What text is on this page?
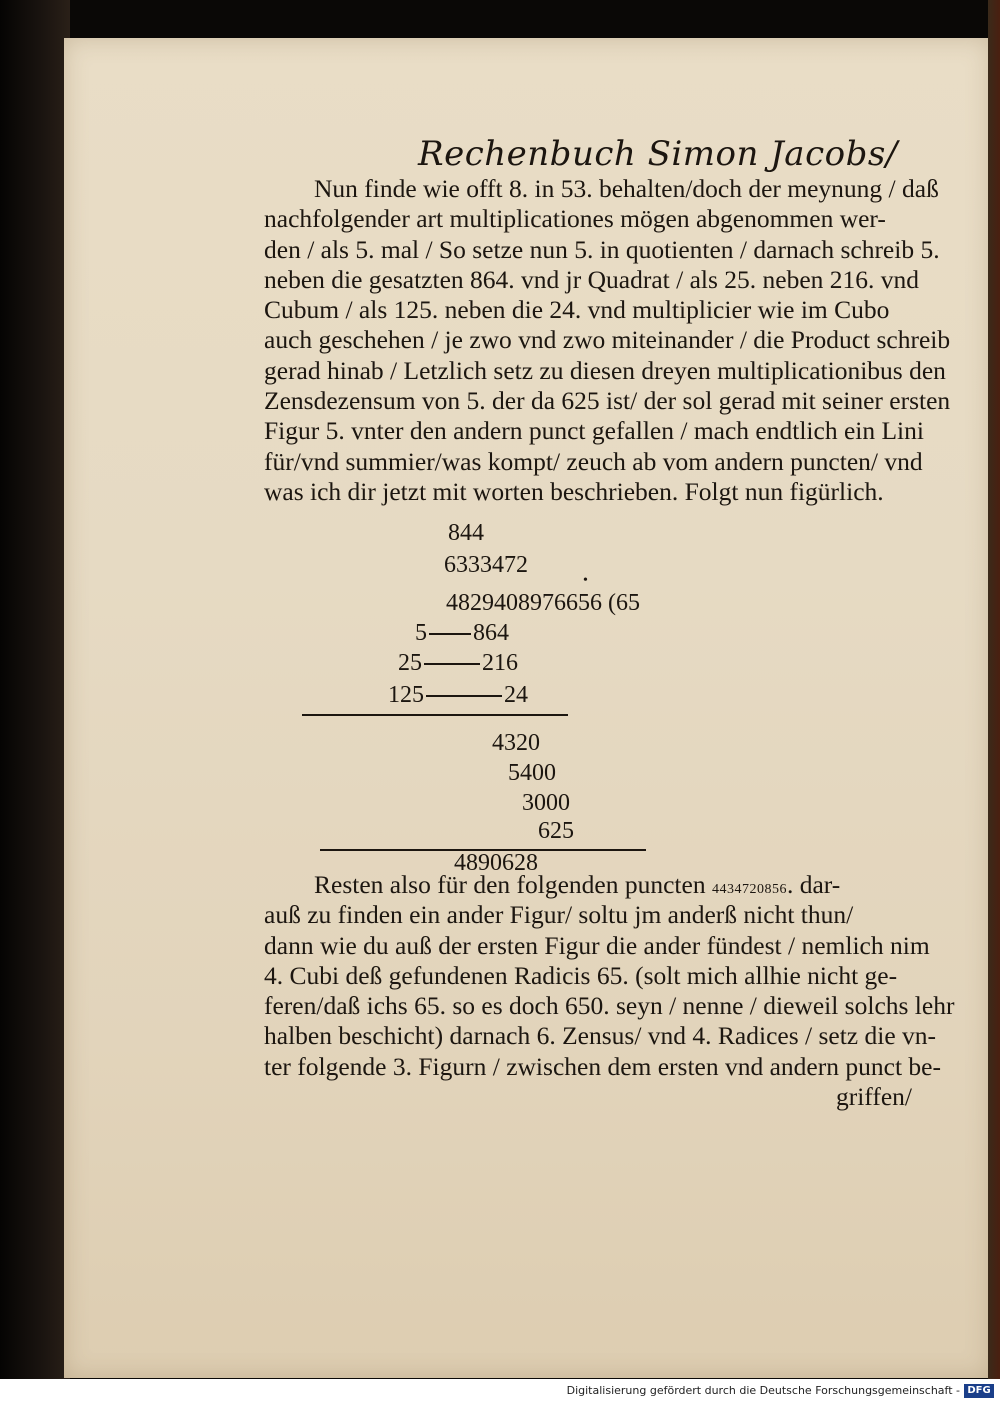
Rechenbuch Simon Jacobs/
Nun finde wie offt 8. in 53. behalten/doch der meynung / daß
nachfolgender art multiplicationes mögen abgenommen wer-
den / als 5. mal / So setze nun 5. in quotienten / darnach schreib 5.
neben die gesatzten 864. vnd jr Quadrat / als 25. neben 216. vnd
Cubum / als 125. neben die 24. vnd multiplicier wie im Cubo
auch geschehen / je zwo vnd zwo miteinander / die Product schreib
gerad hinab / Letzlich setz zu diesen dreyen multiplicationibus den
Zensdezensum von 5. der da 625 ist/ der sol gerad mit seiner ersten
Figur 5. vnter den andern punct gefallen / mach endtlich ein Lini
für/vnd summier/was kompt/ zeuch ab vom andern puncten/ vnd
was ich dir jetzt mit worten beschrieben. Folgt nun figürlich.
844
6333472
4829408976656 (65
•
5 864
25	216
125	24
4320
5400
3000
625
4890628
Resten also für den folgenden puncten 4434720856. dar-
auß zu finden ein ander Figur/ soltu jm anderß nicht thun/
dann wie du auß der ersten Figur die ander fündest / nemlich nim
4. Cubi deß gefundenen Radicis 65. (solt mich allhie nicht ge-
feren/daß ichs 65. so es doch 650. seyn / nenne / dieweil solchs lehr
halben beschicht) darnach 6. Zensus/ vnd 4. Radices / setz die vn-
ter folgende 3. Figurn / zwischen dem ersten vnd andern punct be-
griffen/
Digitalisierung gefördert durch die Deutsche Forschungsgemeinschaft - DFG
